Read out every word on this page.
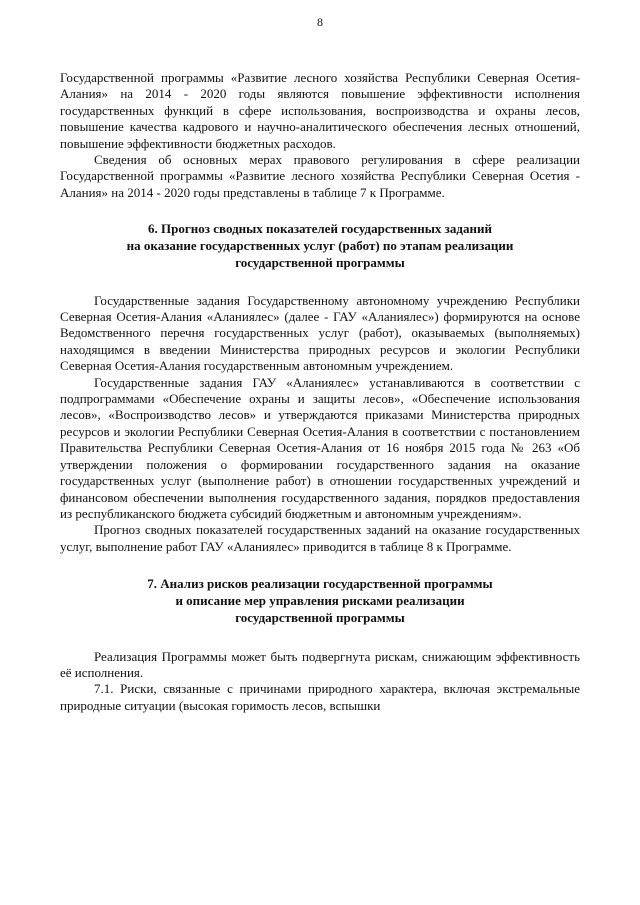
8

Государственной программы «Развитие лесного хозяйства Республики Северная Осетия-Алания» на 2014 - 2020 годы являются повышение эффективности исполнения государственных функций в сфере использования, воспроизводства и охраны лесов, повышение качества кадрового и научно-аналитического обеспечения лесных отношений, повышение эффективности бюджетных расходов.

Сведения об основных мерах правового регулирования в сфере реализации Государственной программы «Развитие лесного хозяйства Республики Северная Осетия - Алания» на 2014 - 2020 годы представлены в таблице 7 к Программе.

6. Прогноз сводных показателей государственных заданий
на оказание государственных услуг (работ) по этапам реализации
государственной программы

Государственные задания Государственному автономному учреждению Республики Северная Осетия-Алания «Аланиялес» (далее - ГАУ «Аланиялес») формируются на основе Ведомственного перечня государственных услуг (работ), оказываемых (выполняемых) находящимся в введении Министерства природных ресурсов и экологии Республики Северная Осетия-Алания государственным автономным учреждением.

Государственные задания ГАУ «Аланиялес» устанавливаются в соответствии с подпрограммами «Обеспечение охраны и защиты лесов», «Обеспечение использования лесов», «Воспроизводство лесов» и утверждаются приказами Министерства природных ресурсов и экологии Республики Северная Осетия-Алания в соответствии с постановлением Правительства Республики Северная Осетия-Алания от 16 ноября 2015 года № 263 «Об утверждении положения о формировании государственного задания на оказание государственных услуг (выполнение работ) в отношении государственных учреждений и финансовом обеспечении выполнения государственного задания, порядков предоставления из республиканского бюджета субсидий бюджетным и автономным учреждениям».

Прогноз сводных показателей государственных заданий на оказание государственных услуг, выполнение работ ГАУ «Аланиялес» приводится в таблице 8 к Программе.

7. Анализ рисков реализации государственной программы
и описание мер управления рисками реализации
государственной программы

Реализация Программы может быть подвергнута рискам, снижающим эффективность её исполнения.

7.1. Риски, связанные с причинами природного характера, включая экстремальные природные ситуации (высокая горимость лесов, вспышки
